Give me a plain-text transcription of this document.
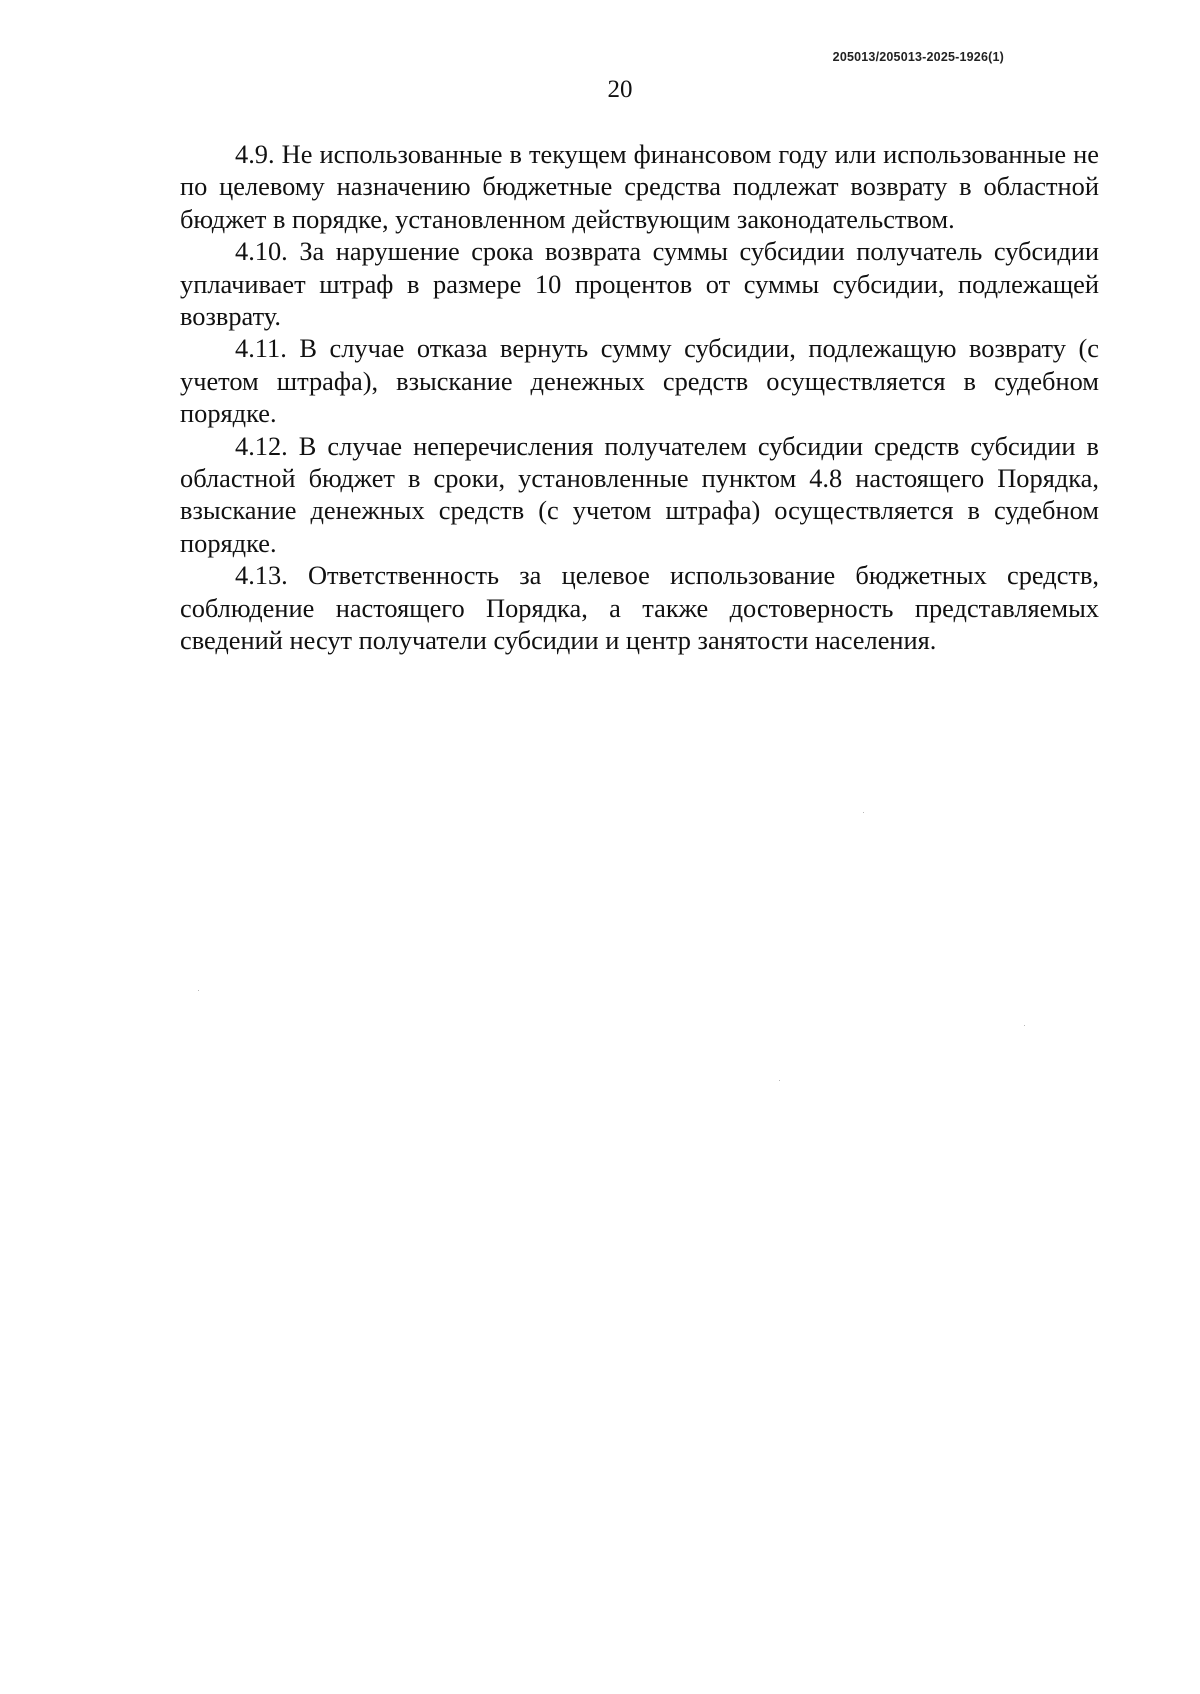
205013/205013-2025-1926(1)
20

4.9. Не использованные в текущем финансовом году или использованные не по целевому назначению бюджетные средства подлежат возврату в областной бюджет в порядке, установленном действующим законодательством.

4.10. За нарушение срока возврата суммы субсидии получатель субсидии уплачивает штраф в размере 10 процентов от суммы субсидии, подлежащей возврату.

4.11. В случае отказа вернуть сумму субсидии, подлежащую возврату (с учетом штрафа), взыскание денежных средств осуществляется в судебном порядке.

4.12. В случае неперечисления получателем субсидии средств субсидии в областной бюджет в сроки, установленные пунктом 4.8 настоящего Порядка, взыскание денежных средств (с учетом штрафа) осуществляется в судебном порядке.

4.13. Ответственность за целевое использование бюджетных средств, соблюдение настоящего Порядка, а также достоверность представляемых сведений несут получатели субсидии и центр занятости населения.
